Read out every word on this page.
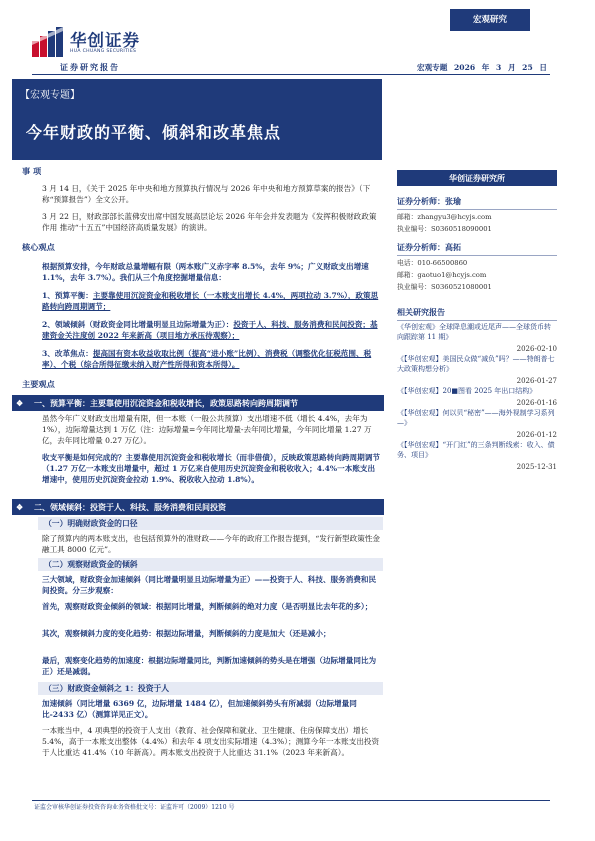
华创证券
HUA CHUANG SECURITIES
证券研究报告
宏观研究
宏观专题 2026 年 3 月 25 日
【宏观专题】
今年财政的平衡、倾斜和改革焦点
事 项
3 月 14 日，《关于 2025 年中央和地方预算执行情况与 2026 年中央和地方预算草案的报告》（下称“预算报告”）全文公开。
3 月 22 日，财政部部长蓝佛安出席中国发展高层论坛 2026 年年会并发表题为《发挥积极财政政策作用 推动“十五五”中国经济高质量发展》的演讲。
核心观点
根据预算安排，今年财政总量增幅有限（两本账广义赤字率 8.5%，去年 9%；广义财政支出增速 1.1%，去年 3.7%）。我们从三个角度挖掘增量信息：
1、预算平衡：主要靠使用沉淀资金和税收增长（一本账支出增长 4.4%，两项拉动 3.7%），政策思路转向跨周期调节；
2、领域倾斜（财政资金同比增量明显且边际增量为正）：投资于人、科技、服务消费和民间投资；基建资金关注度创 2022 年来新高（项目地方承压待观察）；
3、改革焦点：提高国有资本收益收取比例（提高“进小账”比例）、消费税（调整优化征税范围、税率）、个税（综合所得征缴未纳入财产性所得和资本所得）。
主要观点
❖ 一、预算平衡：主要靠使用沉淀资金和税收增长，政策思路转向跨周期调节
虽然今年广义财政支出增量有限，但一本账（一般公共预算）支出增速不低（增长 4.4%，去年为 1%），边际增量达到 1 万亿（注：边际增量=今年同比增量-去年同比增量，今年同比增量 1.27 万亿，去年同比增量 0.27 万亿）。
收支平衡是如何完成的？主要靠使用沉淀资金和税收增长（而非借债），反映政策思路转向跨周期调节（1.27 万亿一本账支出增量中，超过 1 万亿来自使用历史沉淀资金和税收收入；4.4%一本账支出增速中，使用历史沉淀资金拉动 1.9%、税收收入拉动 1.8%）。
❖ 二、领域倾斜：投资于人、科技、服务消费和民间投资
（一）明确财政资金的口径
除了预算内的两本账支出，也包括预算外的准财政——今年的政府工作报告提到，“发行新型政策性金融工具 8000 亿元”。
（二）观察财政资金的倾斜
三大领域，财政资金加速倾斜（同比增量明显且边际增量为正）——投资于人、科技、服务消费和民间投资。分三步观察：
首先，观察财政资金倾斜的领域：根据同比增量，判断倾斜的绝对力度（是否明显比去年花的多）；
其次，观察倾斜力度的变化趋势：根据边际增量，判断倾斜的力度是加大（还是减小；
最后，观察变化趋势的加速度：根据边际增量同比，判断加速倾斜的势头是在增强（边际增量同比为正）还是减弱。
（三）财政资金倾斜之 1：投资于人
加速倾斜（同比增量 6369 亿，边际增量 1484 亿），但加速倾斜势头有所减弱（边际增量同比-2433 亿）（测算详见正文）。
一本账当中，4 项典型的投资于人支出（教育、社会保障和就业、卫生健康、住房保障支出）增长 5.4%，高于一本账支出整体（4.4%）和去年 4 项支出实际增速（4.3%）；测算今年一本账支出投资于人比重达 41.4%（10 年新高）。两本账支出投资于人比重达 31.1%（2023 年来新高）。
华创证券研究所
证券分析师：张瑜
邮箱：zhangyu3@hcyjs.com
执业编号：S0360518090001
证券分析师：高拓
电话：010-66500860
邮箱：gaotuo1@hcyjs.com
执业编号：S0360521080001
相关研究报告
《华创宏观》全球降息潮或近尾声——全球货币转向跟踪第 11 期》
2026-02-10
《【华创宏观】美国民众做“减负”吗？——特朗普七大政策构想分析》
2026-01-27
《【华创宏观】20■图看 2025 年出口结构》
2026-01-16
《【华创宏观】何以贝“秘密”——海外视制学习系列—》
2026-01-12
《【华创宏观】“开门红”的三条判断线索：收入、债务、项目》
2025-12-31
证监会审核华创证券投资咨询业务资格批文号：证监许可（2009）1210 号
